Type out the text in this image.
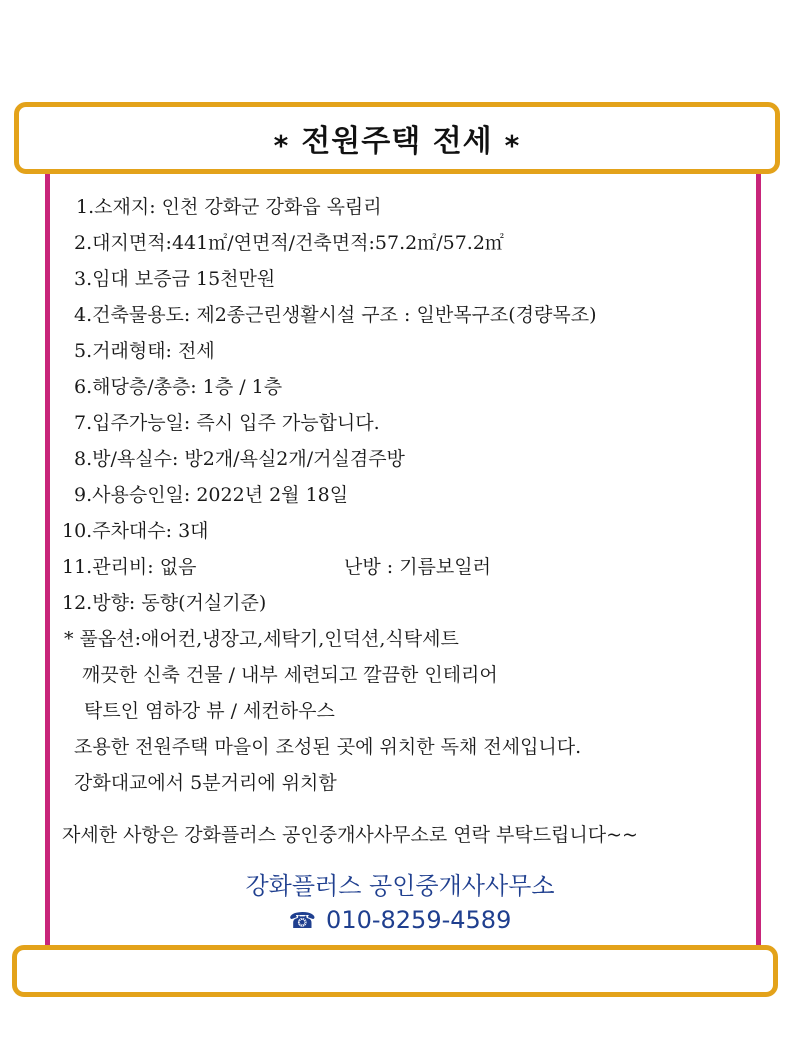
* 전원주택 전세 *
1.소재지: 인천 강화군 강화읍 옥림리
2.대지면적:441㎡/연면적/건축면적:57.2㎡/57.2㎡
3.임대 보증금 15천만원
4.건축물용도: 제2종근린생활시설 구조 : 일반목구조(경량목조)
5.거래형태: 전세
6.해당층/총층: 1층 / 1층
7.입주가능일: 즉시 입주 가능합니다.
8.방/욕실수: 방2개/욕실2개/거실겸주방
9.사용승인일: 2022년 2월 18일
10.주차대수: 3대
11.관리비: 없음	난방 : 기름보일러
12.방향: 동향(거실기준)
* 풀옵션:애어컨,냉장고,세탁기,인덕션,식탁세트
깨끗한 신축 건물 / 내부 세련되고 깔끔한 인테리어
탁트인 염하강 뷰 / 세컨하우스
조용한 전원주택 마을이 조성된 곳에 위치한 독채 전세입니다.
강화대교에서 5분거리에 위치함
자세한 사항은 강화플러스 공인중개사사무소로 연락 부탁드립니다~~
강화플러스 공인중개사사무소
☎ 010-8259-4589
